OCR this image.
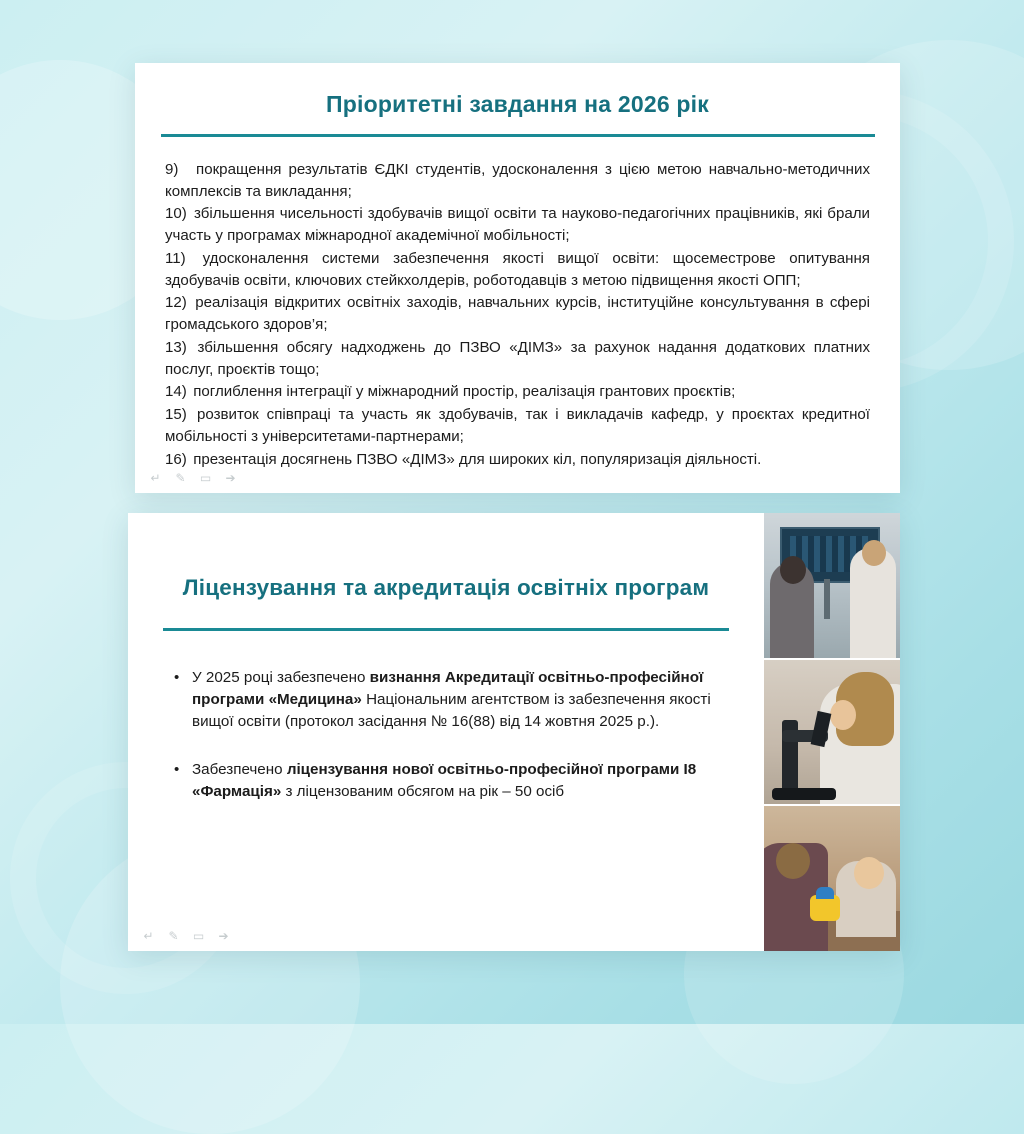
Пріоритетні завдання на 2026 рік

9) покращення результатів ЄДКІ студентів, удосконалення з цією метою навчально-методичних комплексів та викладання;

10) збільшення чисельності здобувачів вищої освіти та науково-педагогічних працівників, які брали участь у програмах міжнародної академічної мобільності;

11) удосконалення системи забезпечення якості вищої освіти: щосеместрове опитування здобувачів освіти, ключових стейкхолдерів, роботодавців з метою підвищення якості ОПП;

12) реалізація відкритих освітніх заходів, навчальних курсів, інституційне консультування в сфері громадського здоров’я;

13) збільшення обсягу надходжень до ПЗВО «ДІМЗ» за рахунок надання додаткових платних послуг, проєктів тощо;

14) поглиблення інтеграції у міжнародний простір, реалізація грантових проєктів;

15) розвиток співпраці та участь як здобувачів, так і викладачів кафедр, у проєктах кредитної мобільності з університетами-партнерами;

16) презентація досягнень ПЗВО «ДІМЗ» для широких кіл, популяризація діяльності.

↵ ✎ ▭ ➔
Ліцензування та акредитація освітніх програм
• У 2025 році забезпечено визнання Акредитації освітньо-професійної програми «Медицина» Національним агентством із забезпечення якості вищої освіти (протокол засідання № 16(88) від 14 жовтня 2025 р.).
• Забезпечено ліцензування нової освітньо-професійної програми І8 «Фармація» з ліцензованим обсягом на рік – 50 осіб
↵ ✎ ▭ ➔
